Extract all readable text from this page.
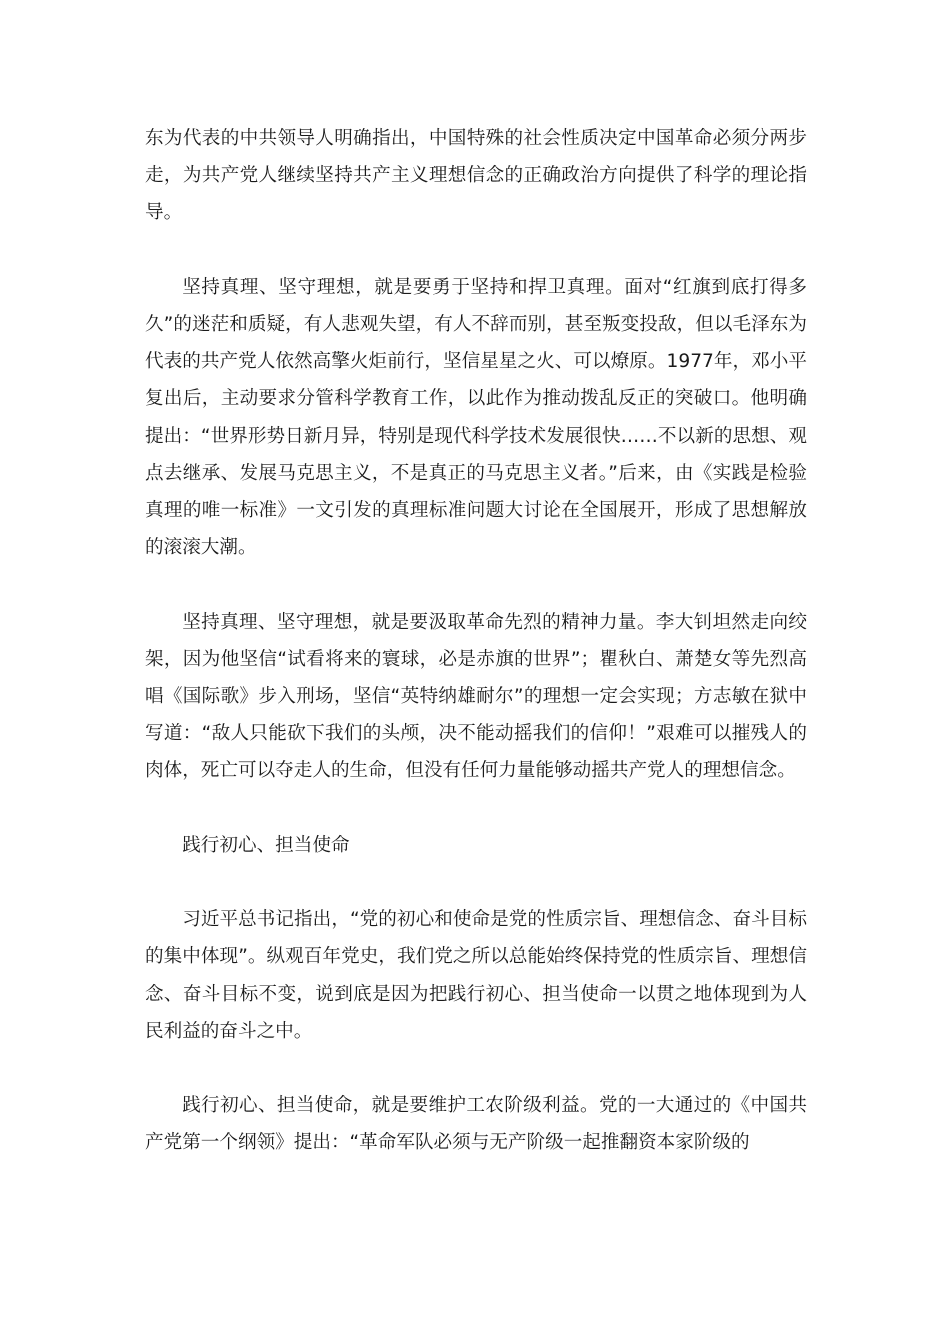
东为代表的中共领导人明确指出，中国特殊的社会性质决定中国革命必须分两步走，为共产党人继续坚持共产主义理想信念的正确政治方向提供了科学的理论指导。

坚持真理、坚守理想，就是要勇于坚持和捍卫真理。面对“红旗到底打得多久”的迷茫和质疑，有人悲观失望，有人不辞而别，甚至叛变投敌，但以毛泽东为代表的共产党人依然高擎火炬前行，坚信星星之火、可以燎原。1977年，邓小平复出后，主动要求分管科学教育工作，以此作为推动拨乱反正的突破口。他明确提出：“世界形势日新月异，特别是现代科学技术发展很快……不以新的思想、观点去继承、发展马克思主义，不是真正的马克思主义者。”后来，由《实践是检验真理的唯一标准》一文引发的真理标准问题大讨论在全国展开，形成了思想解放的滚滚大潮。

坚持真理、坚守理想，就是要汲取革命先烈的精神力量。李大钊坦然走向绞架，因为他坚信“试看将来的寰球，必是赤旗的世界”；瞿秋白、萧楚女等先烈高唱《国际歌》步入刑场，坚信“英特纳雄耐尔”的理想一定会实现；方志敏在狱中写道：“敌人只能砍下我们的头颅，决不能动摇我们的信仰！”艰难可以摧残人的肉体，死亡可以夺走人的生命，但没有任何力量能够动摇共产党人的理想信念。

践行初心、担当使命

习近平总书记指出，“党的初心和使命是党的性质宗旨、理想信念、奋斗目标的集中体现”。纵观百年党史，我们党之所以总能始终保持党的性质宗旨、理想信念、奋斗目标不变，说到底是因为把践行初心、担当使命一以贯之地体现到为人民利益的奋斗之中。

践行初心、担当使命，就是要维护工农阶级利益。党的一大通过的《中国共产党第一个纲领》提出：“革命军队必须与无产阶级一起推翻资本家阶级的
